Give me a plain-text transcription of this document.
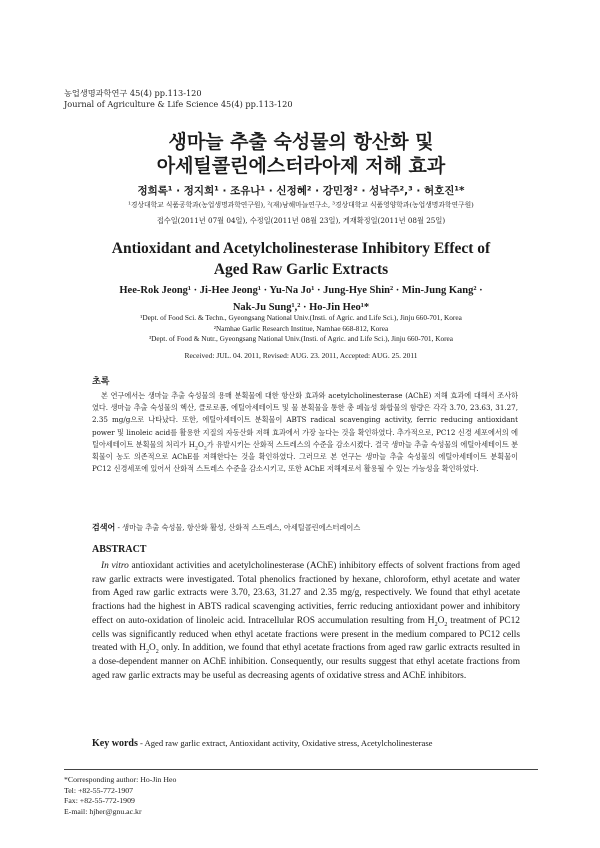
농업생명과학연구 45(4) pp.113-120
Journal of Agriculture & Life Science 45(4) pp.113-120
생마늘 추출 숙성물의 항산화 및
아세틸콜린에스터라아제 저해 효과
정희록¹ · 정지희¹ · 조유나¹ · 신정혜² · 강민정² · 성낙주²,³ · 허호진¹*
¹경상대학교 식품공학과(농업생명과학연구원), ²(재)남해마늘연구소, ³경상대학교 식품영양학과(농업생명과학연구원)
접수일(2011년 07월 04일), 수정일(2011년 08월 23일), 게재확정일(2011년 08월 25일)
Antioxidant and Acetylcholinesterase Inhibitory Effect of
Aged Raw Garlic Extracts
Hee-Rok Jeong¹ · Ji-Hee Jeong¹ · Yu-Na Jo¹ · Jung-Hye Shin² · Min-Jung Kang² ·
Nak-Ju Sung¹,² · Ho-Jin Heo¹*
¹Dept. of Food Sci. & Techn., Gyeongsang National Univ.(Insti. of Agric. and Life Sci.), Jinju 660-701, Korea
²Namhae Garlic Research Institue, Namhae 668-812, Korea
³Dept. of Food & Nutr., Gyeongsang National Univ.(Insti. of Agric. and Life Sci.), Jinju 660-701, Korea
Received: JUL. 04. 2011, Revised: AUG. 23. 2011, Accepted: AUG. 25. 2011
초록
본 연구에서는 생마늘 추출 숙성물의 용매 분획물에 대한 항산화 효과와 acetylcholinesterase (AChE) 저해 효과에 대해서 조사하였다. 생마늘 추출 숙성물의 헥산, 클로로폼, 에틸아세테이트 및 물 분획물을 통한 총 페놀성 화합물의 함량은 각각 3.70, 23.63, 31.27, 2.35 mg/g으로 나타났다. 또한, 에틸아세테이트 분획물이 ABTS radical scavenging activity, ferric reducing antioxidant power 및 linoleic acid를 활용한 지질의 자동산화 저해 효과에서 가장 높다는 것을 확인하였다. 추가적으로, PC12 신경 세포에서의 에틸아세테이트 분획물의 처리가 $H_2O_2$가 유발시키는 산화적 스트레스의 수준을 감소시켰다. 결국 생마늘 추출 숙성물의 에틸아세테이트 분획물이 농도 의존적으로 AChE를 저해한다는 것을 확인하였다. 그러므로 본 연구는 생마늘 추출 숙성물의 에틸아세테이트 분획물이 PC12 신경세포에 있어서 산화적 스트레스 수준을 감소시키고, 또한 AChE 저해제로서 활용될 수 있는 가능성을 확인하였다.
검색어 - 생마늘 추출 숙성물, 항산화 활성, 산화적 스트레스, 아세틸콜린에스터레이스
ABSTRACT
In vitro antioxidant activities and acetylcholinesterase (AChE) inhibitory effects of solvent fractions from aged raw garlic extracts were investigated. Total phenolics fractioned by hexane, chloroform, ethyl acetate and water from Aged raw garlic extracts were 3.70, 23.63, 31.27 and 2.35 mg/g, respectively. We found that ethyl acetate fractions had the highest in ABTS radical scavenging activities, ferric reducing antioxidant power and inhibitory effect on auto-oxidation of linoleic acid. Intracellular ROS accumulation resulting from $H_2O_2$ treatment of PC12 cells was significantly reduced when ethyl acetate fractions were present in the medium compared to PC12 cells treated with $H_2O_2$ only. In addition, we found that ethyl acetate fractions from aged raw garlic extracts resulted in a dose-dependent manner on AChE inhibition. Consequently, our results suggest that ethyl acetate fractions from aged raw garlic extracts may be useful as decreasing agents of oxidative stress and AChE inhibitors.
Key words - Aged raw garlic extract, Antioxidant activity, Oxidative stress, Acetylcholinesterase
*Corresponding author: Ho-Jin Heo
Tel: +82-55-772-1907
Fax: +82-55-772-1909
E-mail: hjher@gnu.ac.kr
